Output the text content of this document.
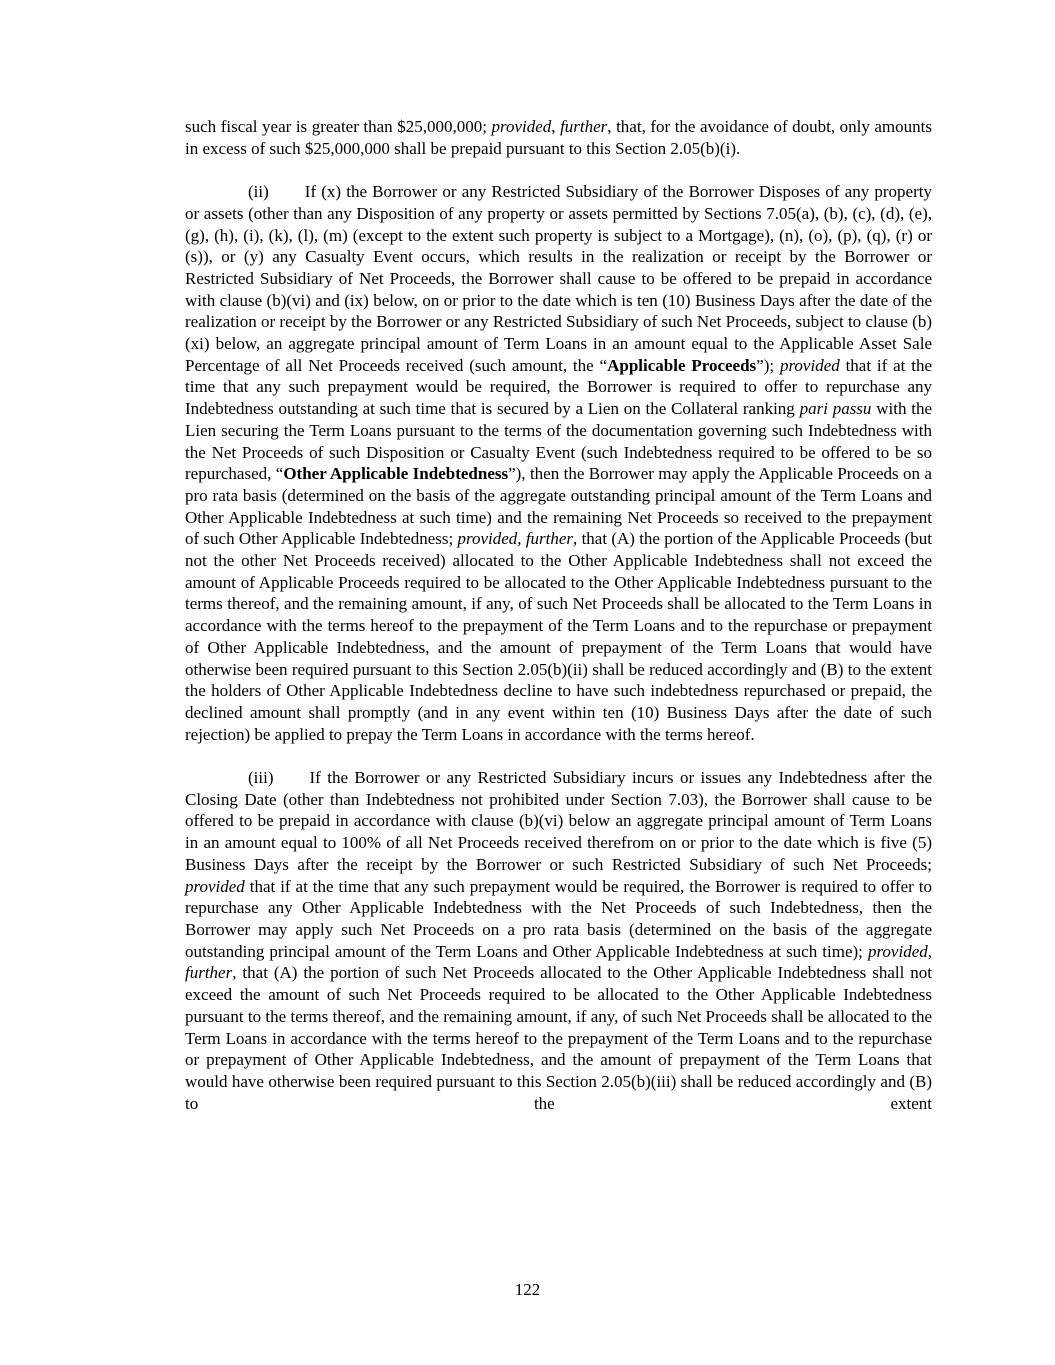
such fiscal year is greater than $25,000,000; provided, further, that, for the avoidance of doubt, only amounts in excess of such $25,000,000 shall be prepaid pursuant to this Section 2.05(b)(i).

(ii) If (x) the Borrower or any Restricted Subsidiary of the Borrower Disposes of any property or assets (other than any Disposition of any property or assets permitted by Sections 7.05(a), (b), (c), (d), (e), (g), (h), (i), (k), (l), (m) (except to the extent such property is subject to a Mortgage), (n), (o), (p), (q), (r) or (s)), or (y) any Casualty Event occurs, which results in the realization or receipt by the Borrower or Restricted Subsidiary of Net Proceeds, the Borrower shall cause to be offered to be prepaid in accordance with clause (b)(vi) and (ix) below, on or prior to the date which is ten (10) Business Days after the date of the realization or receipt by the Borrower or any Restricted Subsidiary of such Net Proceeds, subject to clause (b)(xi) below, an aggregate principal amount of Term Loans in an amount equal to the Applicable Asset Sale Percentage of all Net Proceeds received (such amount, the “Applicable Proceeds”); provided that if at the time that any such prepayment would be required, the Borrower is required to offer to repurchase any Indebtedness outstanding at such time that is secured by a Lien on the Collateral ranking pari passu with the Lien securing the Term Loans pursuant to the terms of the documentation governing such Indebtedness with the Net Proceeds of such Disposition or Casualty Event (such Indebtedness required to be offered to be so repurchased, “Other Applicable Indebtedness”), then the Borrower may apply the Applicable Proceeds on a pro rata basis (determined on the basis of the aggregate outstanding principal amount of the Term Loans and Other Applicable Indebtedness at such time) and the remaining Net Proceeds so received to the prepayment of such Other Applicable Indebtedness; provided, further, that (A) the portion of the Applicable Proceeds (but not the other Net Proceeds received) allocated to the Other Applicable Indebtedness shall not exceed the amount of Applicable Proceeds required to be allocated to the Other Applicable Indebtedness pursuant to the terms thereof, and the remaining amount, if any, of such Net Proceeds shall be allocated to the Term Loans in accordance with the terms hereof to the prepayment of the Term Loans and to the repurchase or prepayment of Other Applicable Indebtedness, and the amount of prepayment of the Term Loans that would have otherwise been required pursuant to this Section 2.05(b)(ii) shall be reduced accordingly and (B) to the extent the holders of Other Applicable Indebtedness decline to have such indebtedness repurchased or prepaid, the declined amount shall promptly (and in any event within ten (10) Business Days after the date of such rejection) be applied to prepay the Term Loans in accordance with the terms hereof.

(iii) If the Borrower or any Restricted Subsidiary incurs or issues any Indebtedness after the Closing Date (other than Indebtedness not prohibited under Section 7.03), the Borrower shall cause to be offered to be prepaid in accordance with clause (b)(vi) below an aggregate principal amount of Term Loans in an amount equal to 100% of all Net Proceeds received therefrom on or prior to the date which is five (5) Business Days after the receipt by the Borrower or such Restricted Subsidiary of such Net Proceeds; provided that if at the time that any such prepayment would be required, the Borrower is required to offer to repurchase any Other Applicable Indebtedness with the Net Proceeds of such Indebtedness, then the Borrower may apply such Net Proceeds on a pro rata basis (determined on the basis of the aggregate outstanding principal amount of the Term Loans and Other Applicable Indebtedness at such time); provided, further, that (A) the portion of such Net Proceeds allocated to the Other Applicable Indebtedness shall not exceed the amount of such Net Proceeds required to be allocated to the Other Applicable Indebtedness pursuant to the terms thereof, and the remaining amount, if any, of such Net Proceeds shall be allocated to the Term Loans in accordance with the terms hereof to the prepayment of the Term Loans and to the repurchase or prepayment of Other Applicable Indebtedness, and the amount of prepayment of the Term Loans that would have otherwise been required pursuant to this Section 2.05(b)(iii) shall be reduced accordingly and (B) to the extent

122
